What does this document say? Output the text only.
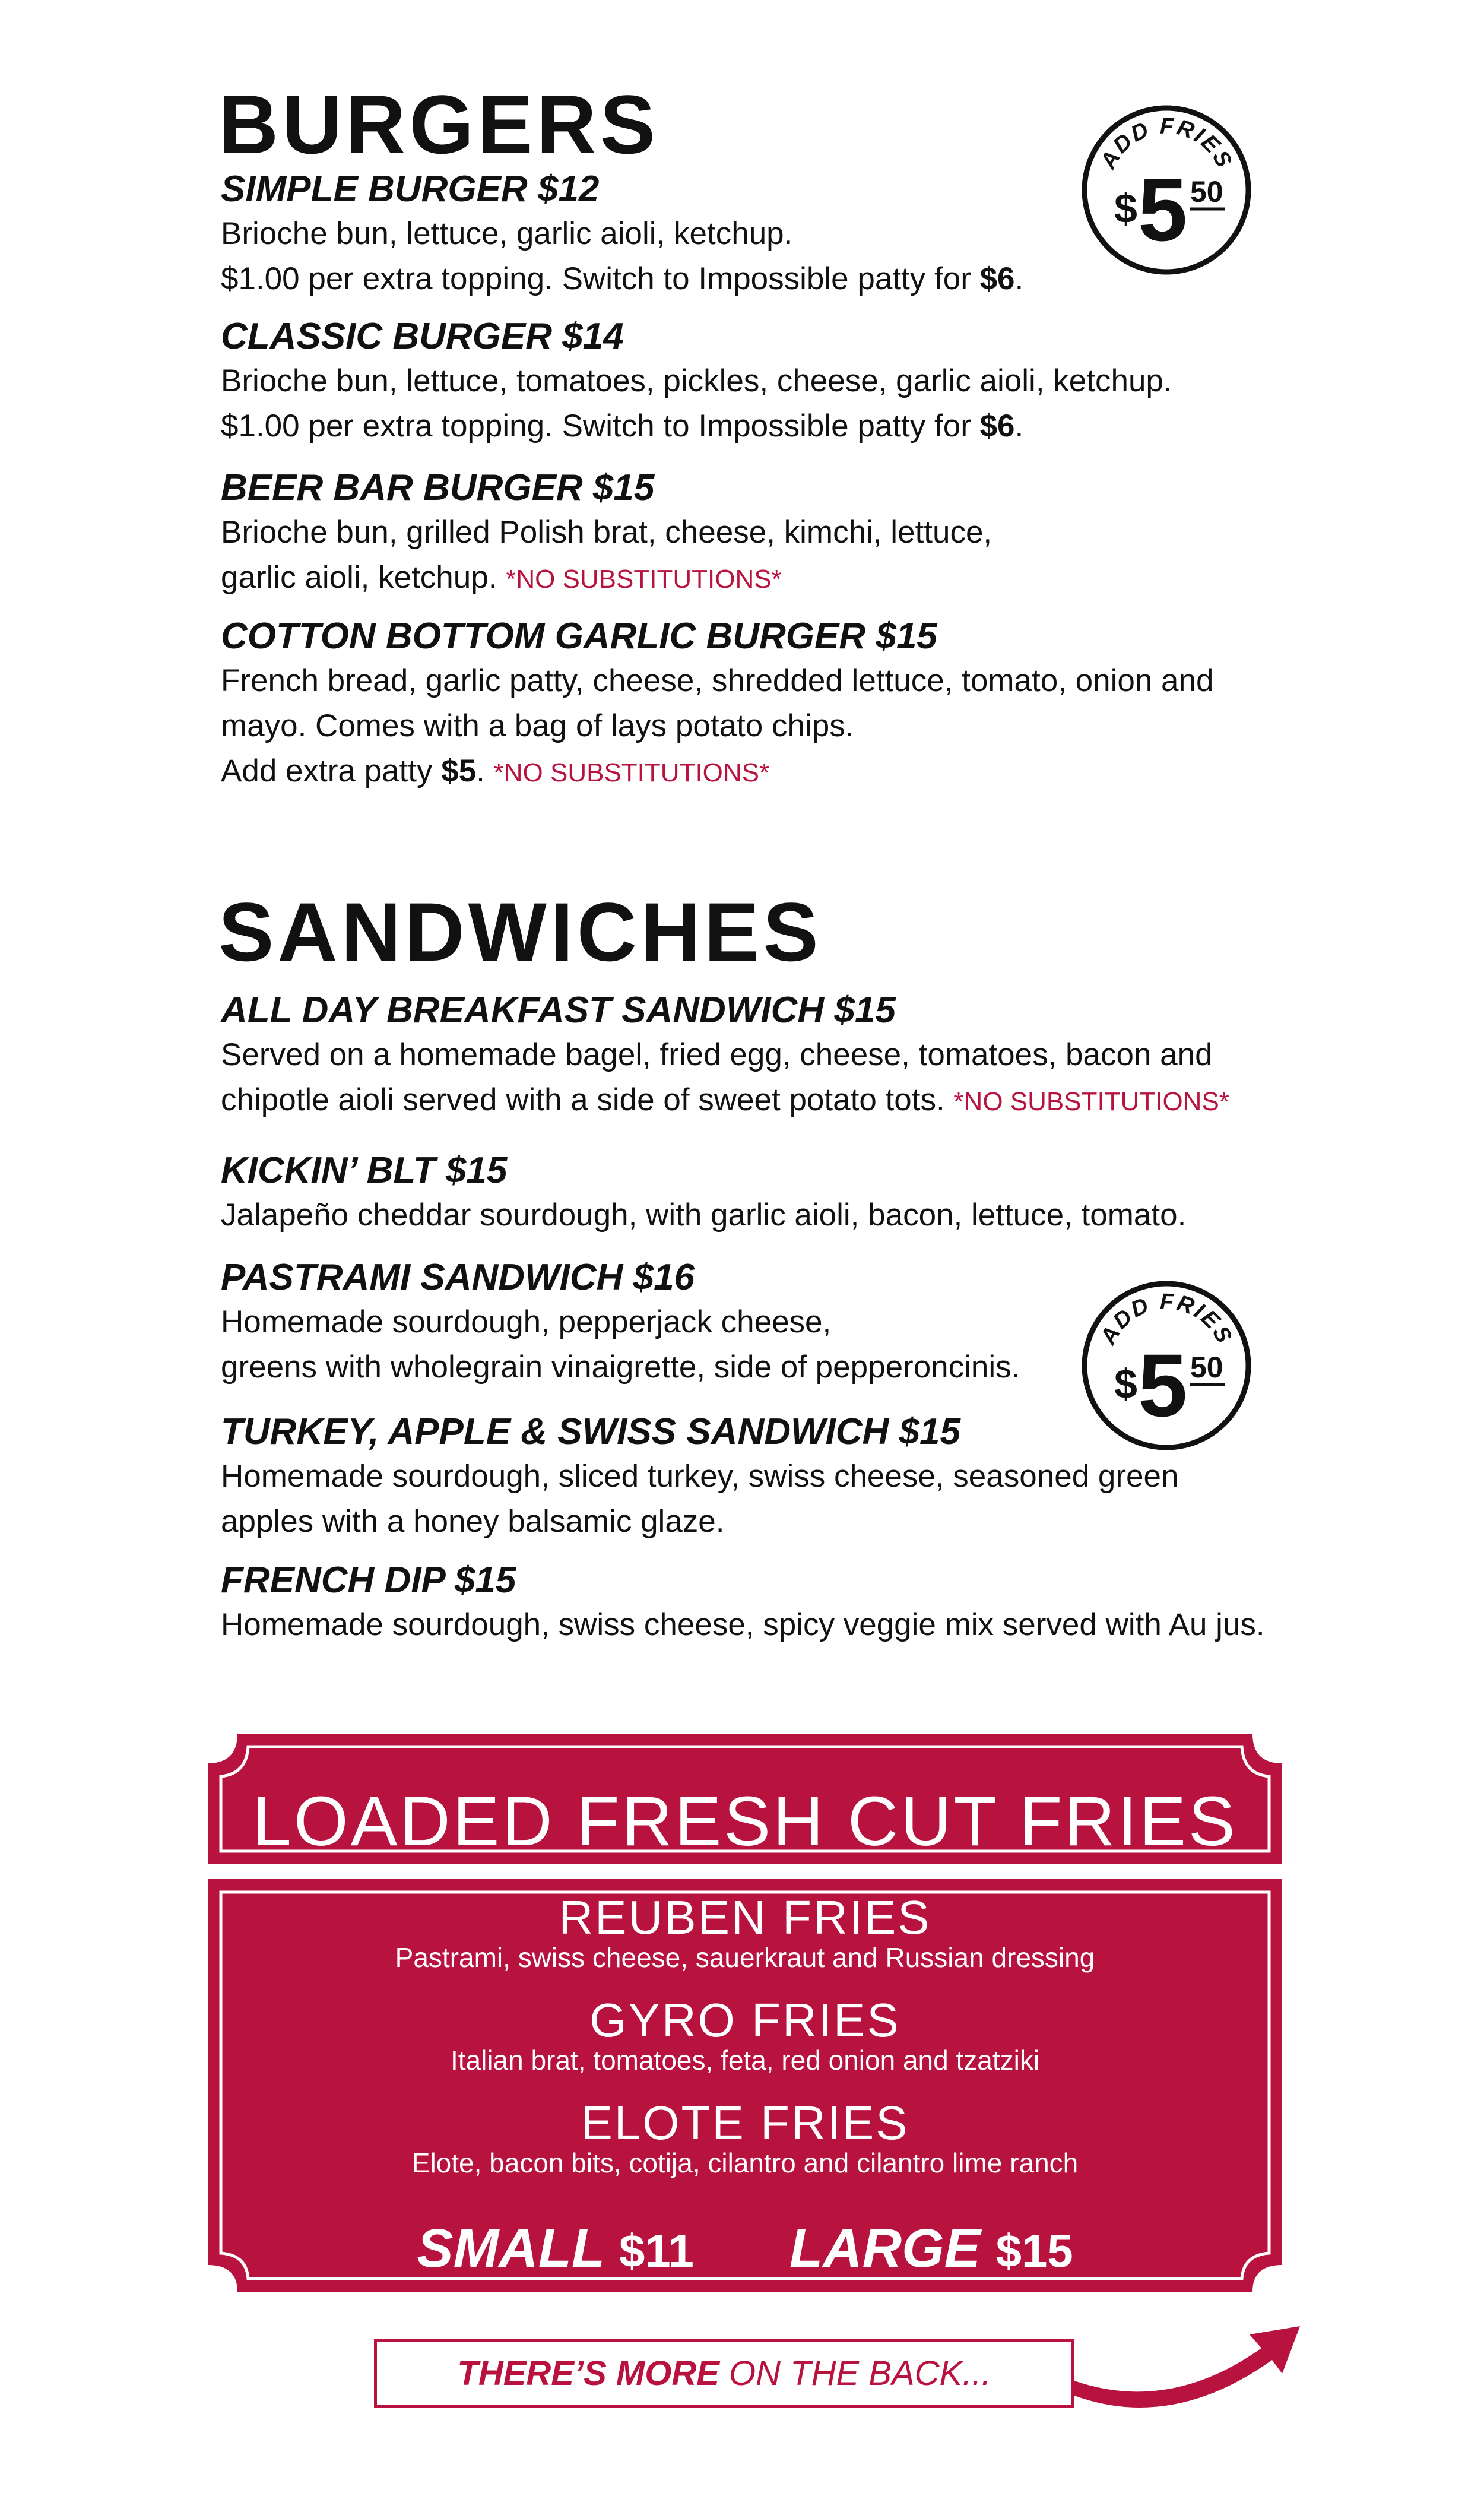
BURGERS
SIMPLE BURGER $12
Brioche bun, lettuce, garlic aioli, ketchup.
$1.00 per extra topping. Switch to Impossible patty for $6.
CLASSIC BURGER $14
Brioche bun, lettuce, tomatoes, pickles, cheese, garlic aioli, ketchup.
$1.00 per extra topping. Switch to Impossible patty for $6.
BEER BAR BURGER $15
Brioche bun, grilled Polish brat, cheese, kimchi, lettuce,
garlic aioli, ketchup. *NO SUBSTITUTIONS*
COTTON BOTTOM GARLIC BURGER $15
French bread, garlic patty, cheese, shredded lettuce, tomato, onion and
mayo. Comes with a bag of lays potato chips.
Add extra patty $5. *NO SUBSTITUTIONS*
ADD FRIES
$ 5 50
SANDWICHES
ALL DAY BREAKFAST SANDWICH $15
Served on a homemade bagel, fried egg, cheese, tomatoes, bacon and
chipotle aioli served with a side of sweet potato tots. *NO SUBSTITUTIONS*
KICKIN’ BLT $15
Jalapeño cheddar sourdough, with garlic aioli, bacon, lettuce, tomato.
PASTRAMI SANDWICH $16
Homemade sourdough, pepperjack cheese,
greens with wholegrain vinaigrette, side of pepperoncinis.
TURKEY, APPLE & SWISS SANDWICH $15
Homemade sourdough, sliced turkey, swiss cheese, seasoned green
apples with a honey balsamic glaze.
FRENCH DIP $15
Homemade sourdough, swiss cheese, spicy veggie mix served with Au jus.
ADD FRIES
$ 5 50
LOADED FRESH CUT FRIES
REUBEN FRIES
Pastrami, swiss cheese, sauerkraut and Russian dressing
GYRO FRIES
Italian brat, tomatoes, feta, red onion and tzatziki
ELOTE FRIES
Elote, bacon bits, cotija, cilantro and cilantro lime ranch
SMALL $11 LARGE $15
THERE’S MORE ON THE BACK...
